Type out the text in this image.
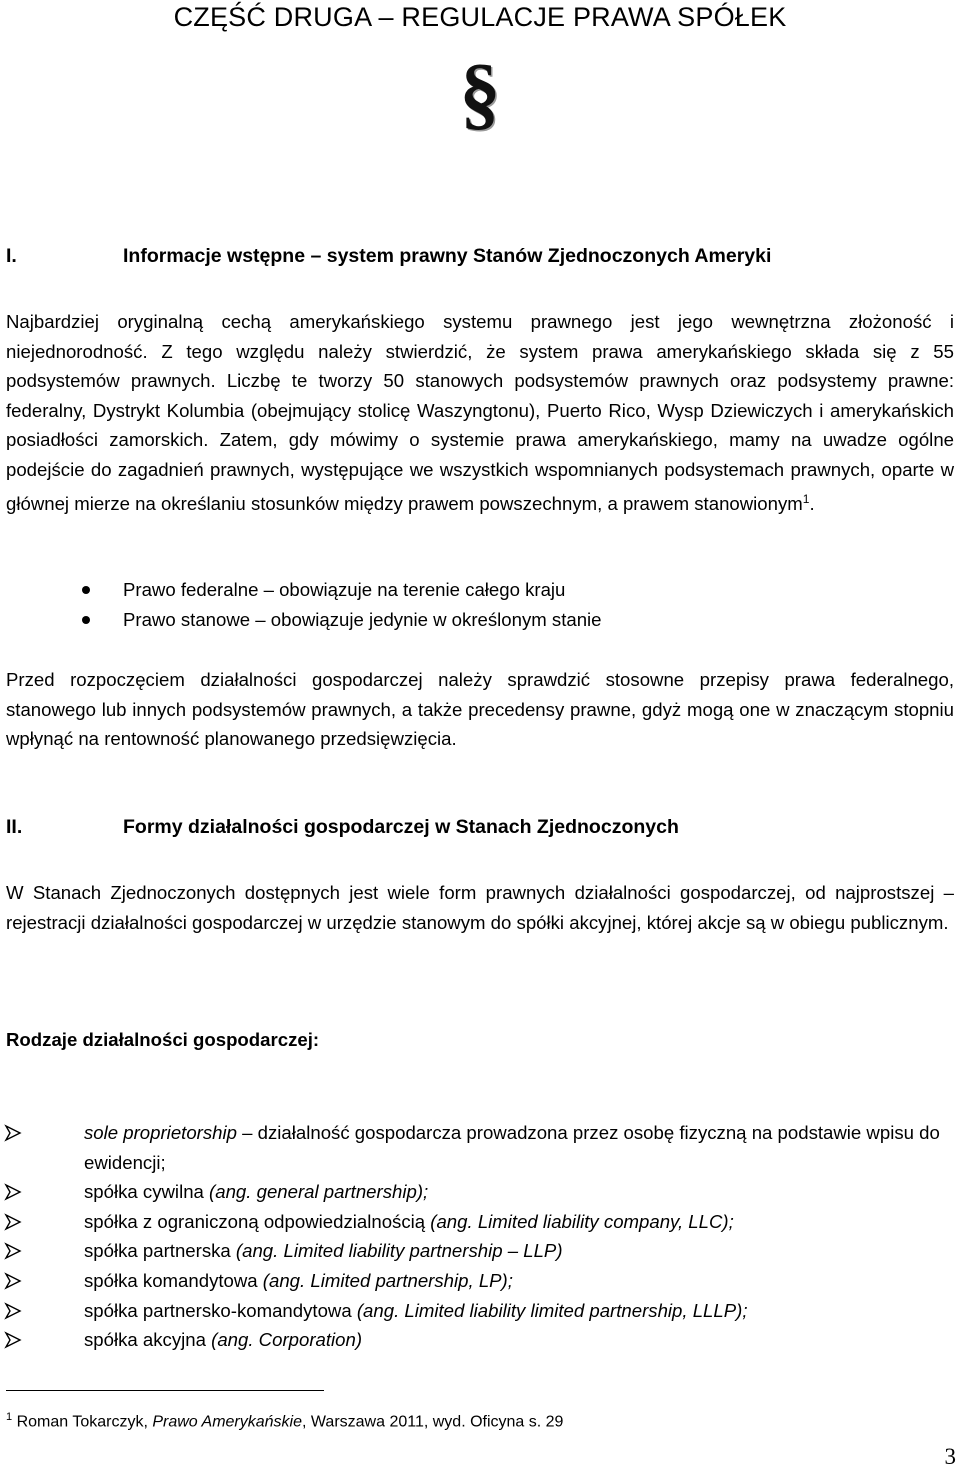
CZĘŚĆ DRUGA – REGULACJE PRAWA SPÓŁEK
§
I.	Informacje wstępne – system prawny Stanów Zjednoczonych Ameryki
Najbardziej oryginalną cechą amerykańskiego systemu prawnego jest jego wewnętrzna złożoność i niejednorodność. Z tego względu należy stwierdzić, że system prawa amerykańskiego składa się z 55 podsystemów prawnych. Liczbę te tworzy 50 stanowych podsystemów prawnych oraz podsystemy prawne: federalny, Dystrykt Kolumbia (obejmujący stolicę Waszyngtonu), Puerto Rico, Wysp Dziewiczych i amerykańskich posiadłości zamorskich. Zatem, gdy mówimy o systemie prawa amerykańskiego, mamy na uwadze ogólne podejście do zagadnień prawnych, występujące we wszystkich wspomnianych podsystemach prawnych, oparte w głównej mierze na określaniu stosunków między prawem powszechnym, a prawem stanowionym$^1$.
Prawo federalne – obowiązuje na terenie całego kraju
Prawo stanowe – obowiązuje jedynie w określonym stanie
Przed rozpoczęciem działalności gospodarczej należy sprawdzić stosowne przepisy prawa federalnego, stanowego lub innych podsystemów prawnych, a także precedensy prawne, gdyż mogą one w znaczącym stopniu wpłynąć na rentowność planowanego przedsięwzięcia.
II.	Formy działalności gospodarczej w Stanach Zjednoczonych
W Stanach Zjednoczonych dostępnych jest wiele form prawnych działalności gospodarczej, od najprostszej – rejestracji działalności gospodarczej w urzędzie stanowym do spółki akcyjnej, której akcje są w obiegu publicznym.
Rodzaje działalności gospodarczej:
sole proprietorship – działalność gospodarcza prowadzona przez osobę fizyczną na podstawie wpisu do ewidencji;
spółka cywilna (ang. general partnership);
spółka z ograniczoną odpowiedzialnością (ang. Limited liability company, LLC);
spółka partnerska (ang. Limited liability partnership – LLP)
spółka komandytowa (ang. Limited partnership, LP);
spółka partnersko-komandytowa (ang. Limited liability limited partnership, LLLP);
spółka akcyjna (ang. Corporation)
$^1$ Roman Tokarczyk, Prawo Amerykańskie, Warszawa 2011, wyd. Oficyna s. 29
3
